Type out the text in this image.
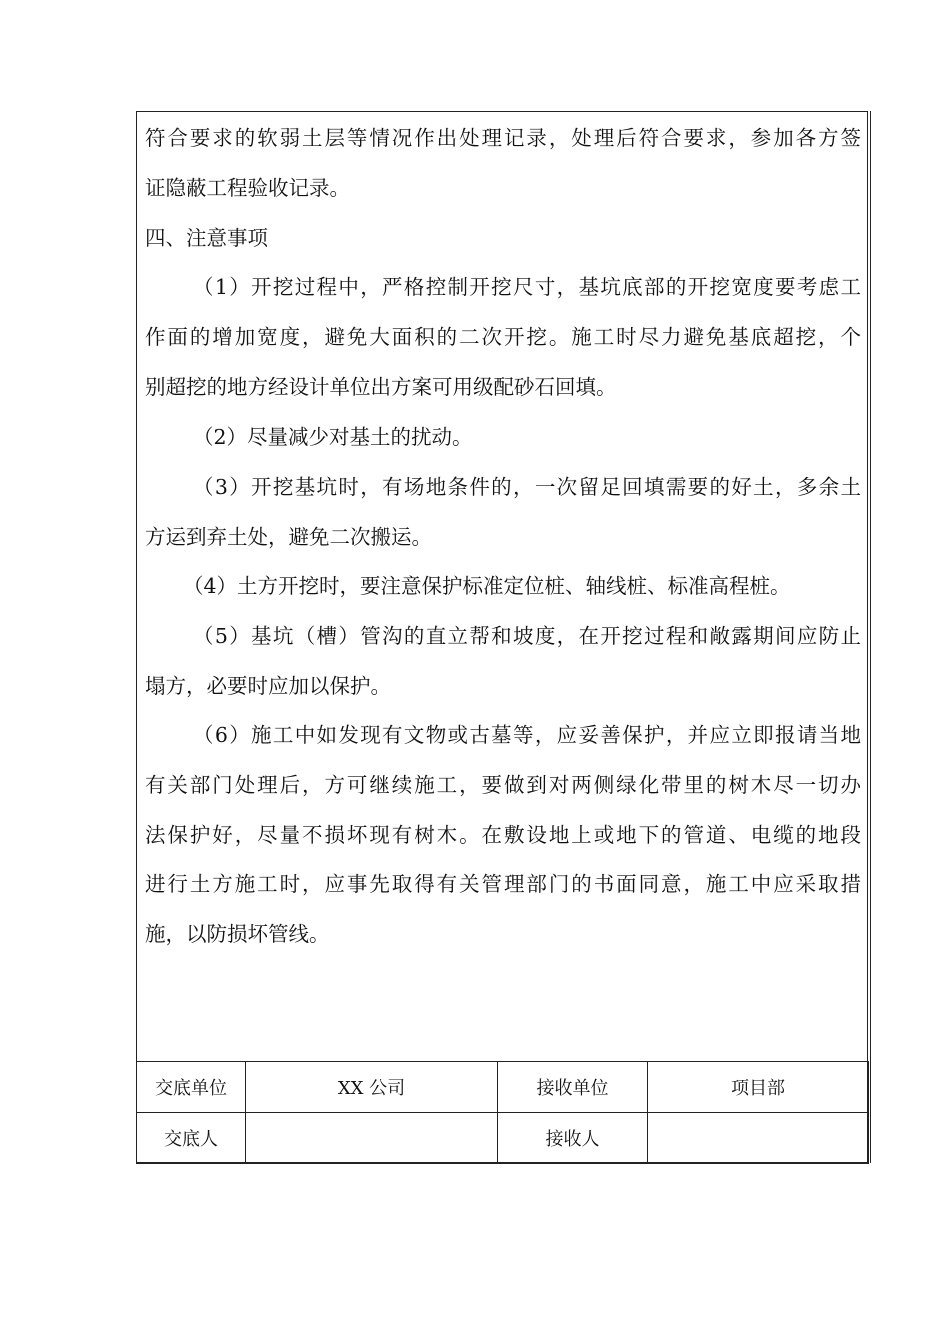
符合要求的软弱土层等情况作出处理记录，处理后符合要求，参加各方签
证隐蔽工程验收记录。
四、注意事项
（1）开挖过程中，严格控制开挖尺寸，基坑底部的开挖宽度要考虑工
作面的增加宽度，避免大面积的二次开挖。施工时尽力避免基底超挖，个
别超挖的地方经设计单位出方案可用级配砂石回填。
（2）尽量减少对基土的扰动。
（3）开挖基坑时，有场地条件的，一次留足回填需要的好土，多余土
方运到弃土处，避免二次搬运。
（4）土方开挖时，要注意保护标准定位桩、轴线桩、标准高程桩。
（5）基坑（槽）管沟的直立帮和坡度，在开挖过程和敞露期间应防止
塌方，必要时应加以保护。
（6）施工中如发现有文物或古墓等，应妥善保护，并应立即报请当地
有关部门处理后，方可继续施工，要做到对两侧绿化带里的树木尽一切办
法保护好，尽量不损坏现有树木。在敷设地上或地下的管道、电缆的地段
进行土方施工时，应事先取得有关管理部门的书面同意，施工中应采取措
施，以防损坏管线。
交底单位	XX 公司	接收单位	项目部
交底人		接收人	
